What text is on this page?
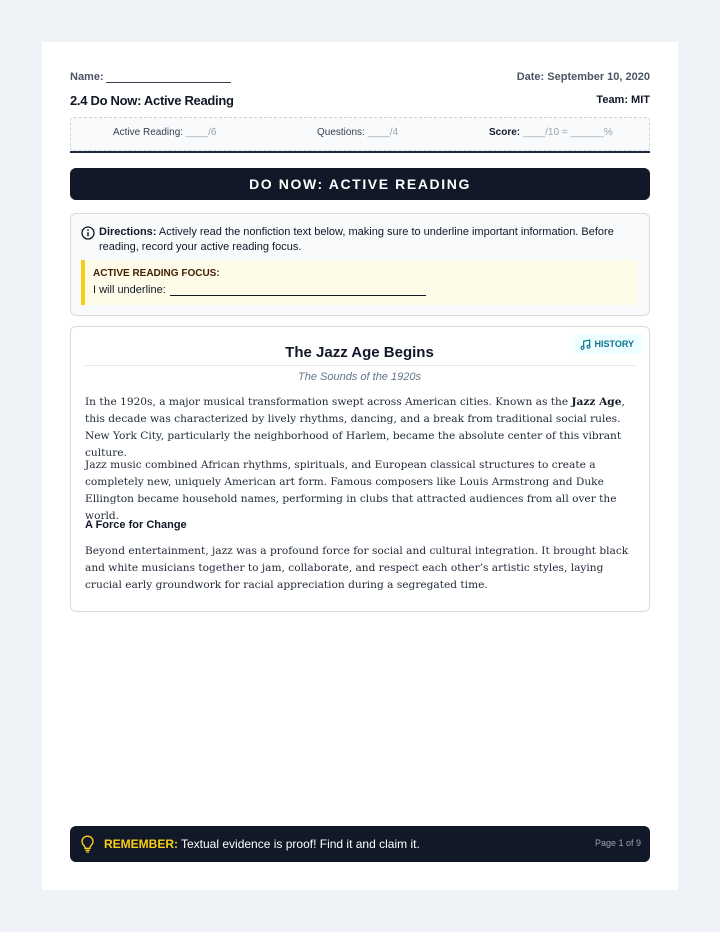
Name:	Date: September 10, 2020
2.4 Do Now: Active Reading	Team: MIT
Active Reading: ____/6	Questions: ____/4	Score: ____/10 = ______%
DO NOW: ACTIVE READING
Directions: Actively read the nonfiction text below, making sure to underline important information. Before reading, record your active reading focus.
ACTIVE READING FOCUS:
I will underline:
HISTORY
The Jazz Age Begins
The Sounds of the 1920s

In the 1920s, a major musical transformation swept across American cities. Known as the Jazz Age, this decade was characterized by lively rhythms, dancing, and a break from traditional social rules. New York City, particularly the neighborhood of Harlem, became the absolute center of this vibrant culture.

Jazz music combined African rhythms, spirituals, and European classical structures to create a completely new, uniquely American art form. Famous composers like Louis Armstrong and Duke Ellington became household names, performing in clubs that attracted audiences from all over the world.

A Force for Change

Beyond entertainment, jazz was a profound force for social and cultural integration. It brought black and white musicians together to jam, collaborate, and respect each other’s artistic styles, laying crucial early groundwork for racial appreciation during a segregated time.

REMEMBER: Textual evidence is proof! Find it and claim it.	Page 1 of 9
